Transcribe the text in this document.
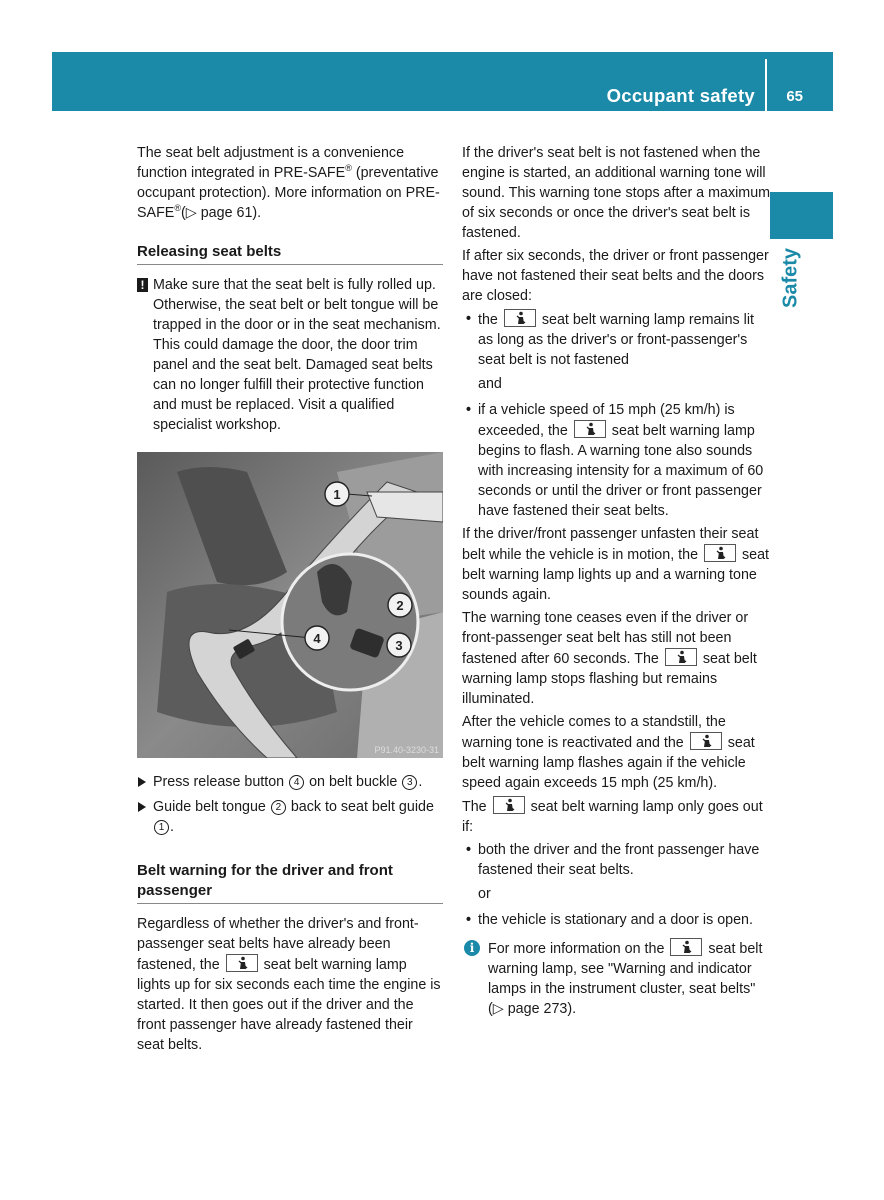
Occupant safety 65
Safety

The seat belt adjustment is a convenience function integrated in PRE-SAFE® (preventative occupant protection). More information on PRE-SAFE®(▷ page 61).

Releasing seat belts
! Make sure that the seat belt is fully rolled up. Otherwise, the seat belt or belt tongue will be trapped in the door or in the seat mechanism. This could damage the door, the door trim panel and the seat belt. Damaged seat belts can no longer fulfill their protective function and must be replaced. Visit a qualified specialist workshop.
1
2
3
4
P91.40-3230-31
Press release button 4 on belt buckle 3 .
Guide belt tongue 2 back to seat belt guide 1 .
Belt warning for the driver and front passenger

Regardless of whether the driver's and front-passenger seat belts have already been fastened, the	seat belt warning lamp lights up for six seconds each time the engine is started. It then goes out if the driver and the front passenger have already fastened their seat belts.

If the driver's seat belt is not fastened when the engine is started, an additional warning tone will sound. This warning tone stops after a maximum of six seconds or once the driver's seat belt is fastened.

If after six seconds, the driver or front passenger have not fastened their seat belts and the doors are closed:

• the	seat belt warning lamp remains lit as long as the driver's or front-passenger's seat belt is not fastened
and
• if a vehicle speed of 15 mph (25 km/h) is exceeded, the	seat belt warning lamp begins to flash. A warning tone also sounds with increasing intensity for a maximum of 60 seconds or until the driver or front passenger have fastened their seat belts.

If the driver/front passenger unfasten their seat belt while the vehicle is in motion, the	seat belt warning lamp lights up and a warning tone sounds again.

The warning tone ceases even if the driver or front-passenger seat belt has still not been fastened after 60 seconds. The	seat belt warning lamp stops flashing but remains illuminated.

After the vehicle comes to a standstill, the warning tone is reactivated and the	seat belt warning lamp flashes again if the vehicle speed again exceeds 15 mph (25 km/h).

The	seat belt warning lamp only goes out if:

• both the driver and the front passenger have fastened their seat belts.
or
• the vehicle is stationary and a door is open.
i For more information on the	seat belt warning lamp, see "Warning and indicator lamps in the instrument cluster, seat belts" (▷ page 273).
